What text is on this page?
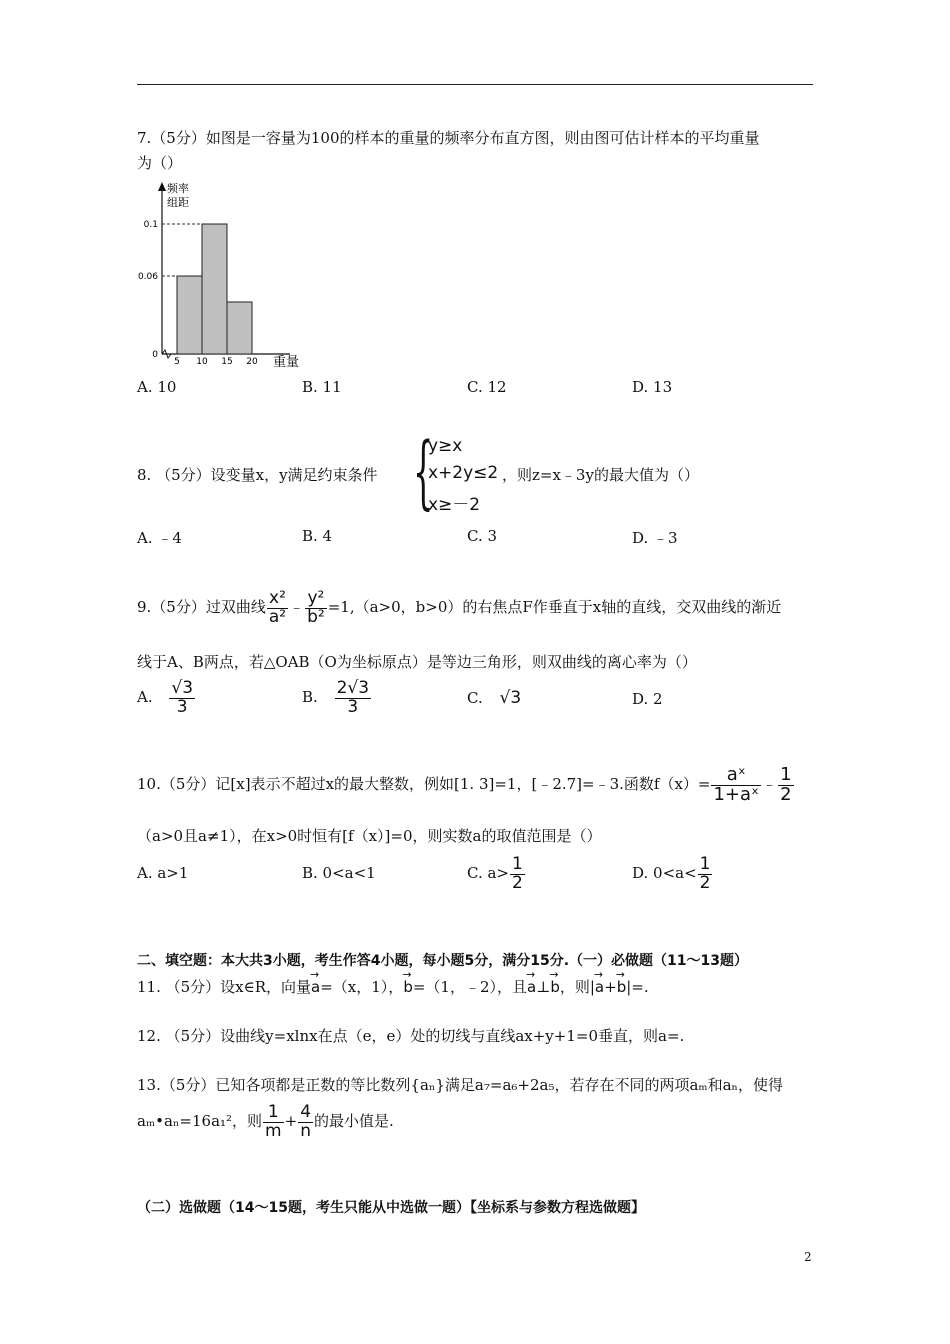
7.（5分）如图是一容量为100的样本的重量的频率分布直方图，则由图可估计样本的平均重量
为（）
频率
组距
重量
0.1
0.06
0
5 10 15 20
A. 10	B. 11	C. 12	D. 13
8. （5分）设变量x，y满足约束条件 {
y≥x
x+2y≤2
x≥－2
，则z=x﹣3y的最大值为（）
A. ﹣4	B. 4	C. 3	D. ﹣3
9.（5分）过双曲线 $\frac{\text{x²}}{\text{a²}}$ ﹣ $\frac{\text{y²}}{\text{b²}} =1,(a>0$，b>0）的右焦点F作垂直于x轴的直线，交双曲线的渐近
线于A、B两点，若△OAB（O为坐标原点）是等边三角形，则双曲线的离心率为（）
A. $\frac{√3}{3}$	B. $\frac{2√3}{3}$	C. √3	D. 2
10.（5分）记[x]表示不超过x的最大整数，例如[1. 3]=1，[﹣2.7]=﹣3.函数$f(x)= \frac{\text{aˣ}}{\text{1+aˣ}}$ ﹣ $\frac{1}{2}$
（a>0且a≠1），在x>0时恒有[f（x）]=0，则实数a的取值范围是（）
A. a>1	B. 0<a<1	C. $a> \frac{1}{2}$	D. $0<a< \frac{1}{2}$
二、填空题：本大共3小题，考生作答4小题，每小题5分，满分15分.（一）必做题（11～13题）
11. （5分）设x∈R，向量→ a=（x，1），→ b=（1，﹣2），且→ a⊥→ b，则|→ a+→ b|=.
12. （5分）设曲线y=xlnx在点（e，e）处的切线与直线ax+y+1=0垂直，则a=.
13.（5分）已知各项都是正数的等比数列{aₙ}满足a₇=a₆+2a₅，若存在不同的两项aₘ和aₙ，使得
aₘ•aₙ=16a₁²，则 $\frac{1}{m} + \frac{4}{n}$ 的最小值是.
（二）选做题（14～15题，考生只能从中选做一题）【坐标系与参数方程选做题】
2
